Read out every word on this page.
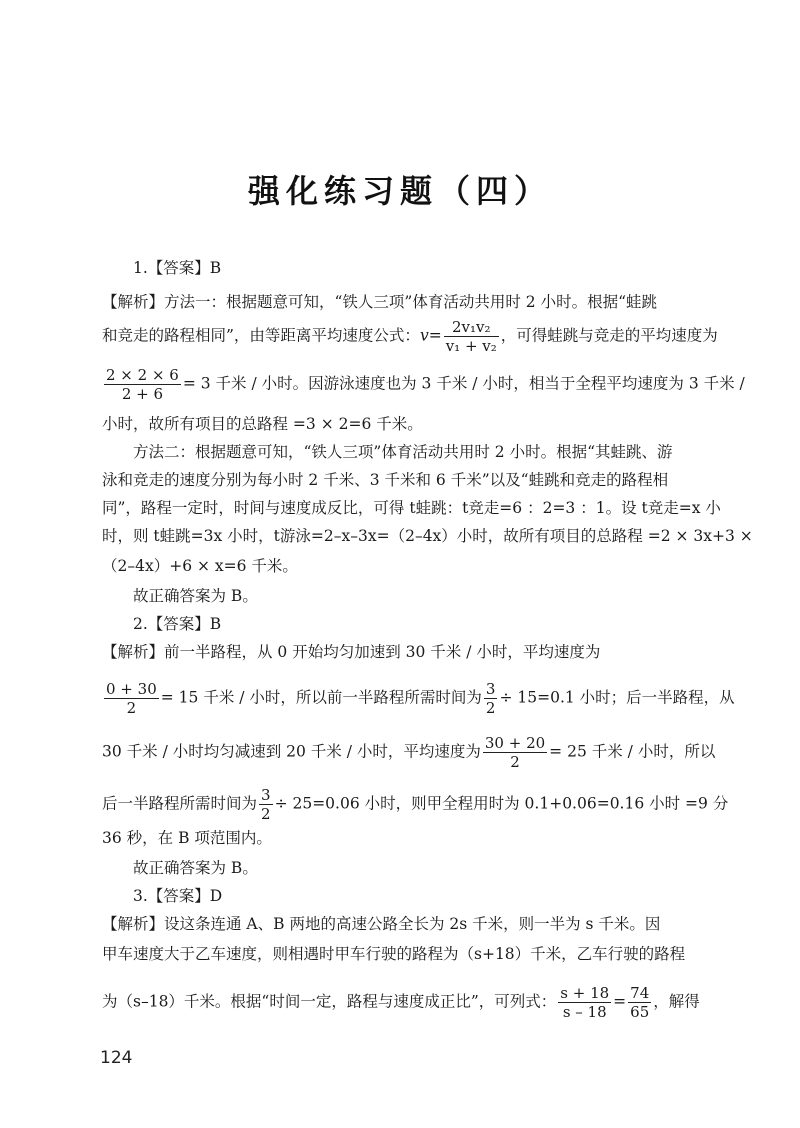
强化练习题（四）
1.【答案】B
【解析】方法一：根据题意可知，“铁人三项”体育活动共用时 2 小时。根据“蛙跳
和竞走的路程相同”，由等距离平均速度公式：$v= \frac{\text{2v₁v₂}}{\text{v₁ + v₂}}$ ，可得蛙跳与竞走的平均速度为
$\frac{2 \times 2 \times 6}{2 + 6} = 3$ 千米 / 小时。因游泳速度也为 3 千米 / 小时，相当于全程平均速度为 3 千米 /
小时，故所有项目的总路程 =3 × 2=6 千米。
方法二：根据题意可知，“铁人三项”体育活动共用时 2 小时。根据“其蛙跳、游
泳和竞走的速度分别为每小时 2 千米、3 千米和 6 千米”以及“蛙跳和竞走的路程相
同”，路程一定时，时间与速度成反比，可得 t蛙跳：t竞走=6 ：2=3 ：1。设 t竞走=x 小
时，则 t蛙跳=3x 小时，t游泳=2–x–3x=（2–4x）小时，故所有项目的总路程 =2 × 3x+3 ×
（2–4x）+6 × x=6 千米。
故正确答案为 B。
2.【答案】B
【解析】前一半路程，从 0 开始均匀加速到 30 千米 / 小时，平均速度为
$\frac{0 + 30}{2} = 15$ 千米 / 小时，所以前一半路程所需时间为 $\frac{3}{2} \div 15=0.1$ 小时；后一半路程，从
30 千米 / 小时均匀减速到 20 千米 / 小时，平均速度为 $\frac{30 + 20}{2} = 25$ 千米 / 小时，所以
后一半路程所需时间为 $\frac{3}{2} \div 25=0.06$ 小时，则甲全程用时为 0.1+0.06=0.16 小时 =9 分
36 秒，在 B 项范围内。
故正确答案为 B。
3.【答案】D
【解析】设这条连通 A、B 两地的高速公路全长为 2s 千米，则一半为 s 千米。因
甲车速度大于乙车速度，则相遇时甲车行驶的路程为（s+18）千米，乙车行驶的路程
为（s–18）千米。根据“时间一定，路程与速度成正比”，可列式： $\frac{s + 18}{s - 18} = \frac{74}{65}$ ，解得
124
